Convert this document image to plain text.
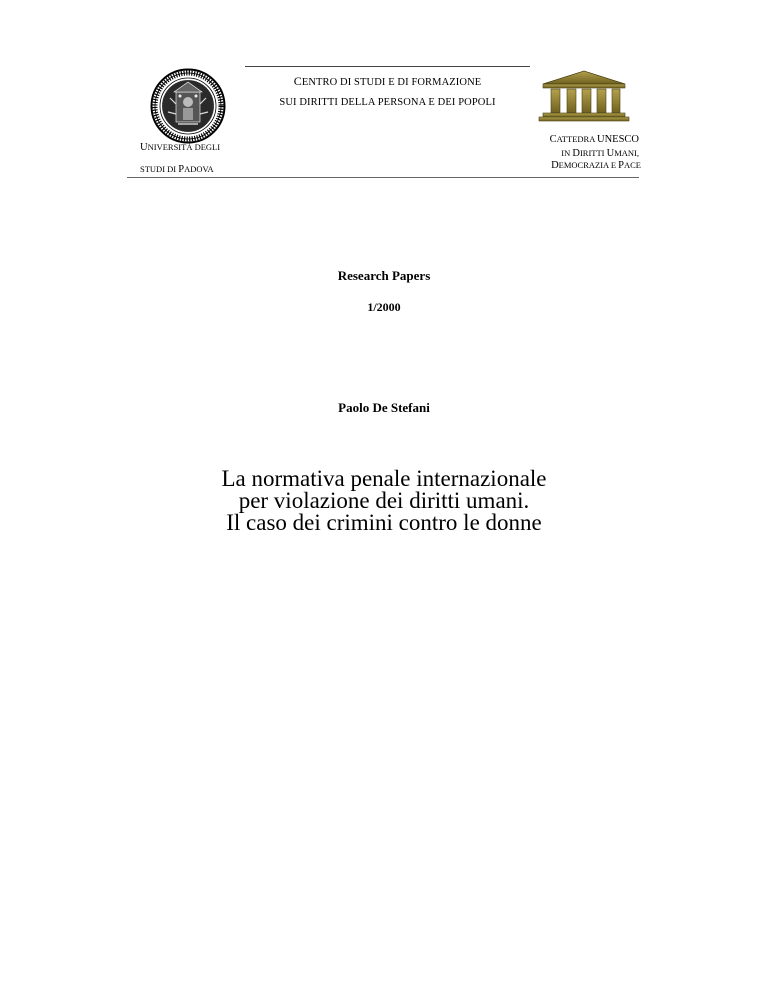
CENTRO DI STUDI E DI FORMAZIONE
SUI DIRITTI DELLA PERSONA E DEI POPOLI
UNIVERSITÀ DEGLI
STUDI DI PADOVA
CATTEDRA UNESCO
IN DIRITTI UMANI,
DEMOCRAZIA E PACE
Research Papers
1/2000
Paolo De Stefani
La normativa penale internazionale
per violazione dei diritti umani.
Il caso dei crimini contro le donne
